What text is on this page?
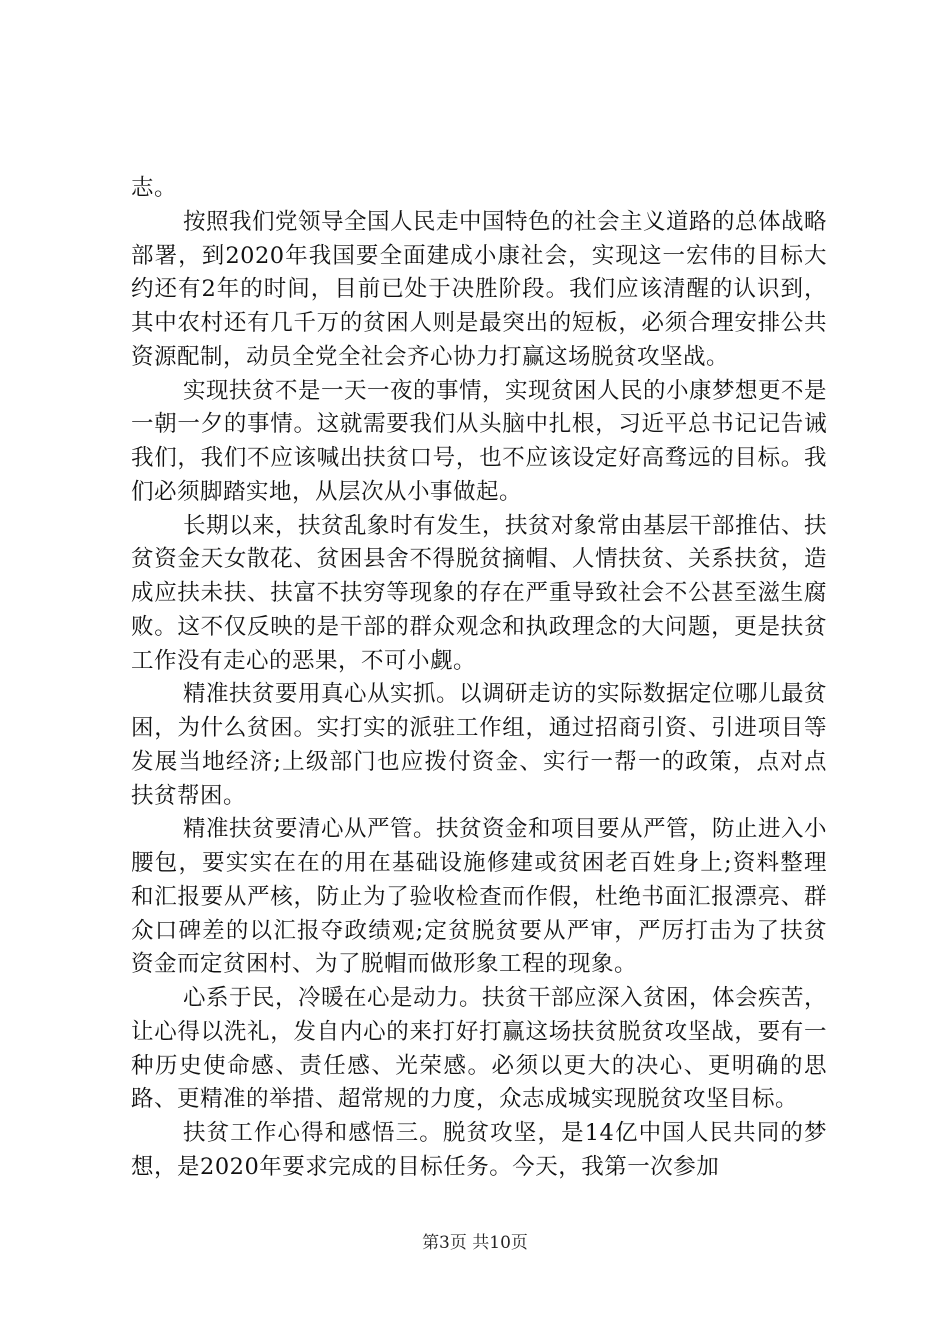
志。

按照我们党领导全国人民走中国特色的社会主义道路的总体战略部署，到2020年我国要全面建成小康社会，实现这一宏伟的目标大约还有2年的时间，目前已处于决胜阶段。我们应该清醒的认识到，其中农村还有几千万的贫困人则是最突出的短板，必须合理安排公共资源配制，动员全党全社会齐心协力打赢这场脱贫攻坚战。

实现扶贫不是一天一夜的事情，实现贫困人民的小康梦想更不是一朝一夕的事情。这就需要我们从头脑中扎根，习近平总书记记告诫我们，我们不应该喊出扶贫口号，也不应该设定好高骛远的目标。我们必须脚踏实地，从层次从小事做起。

长期以来，扶贫乱象时有发生，扶贫对象常由基层干部推估、扶贫资金天女散花、贫困县舍不得脱贫摘帽、人情扶贫、关系扶贫，造成应扶未扶、扶富不扶穷等现象的存在严重导致社会不公甚至滋生腐败。这不仅反映的是干部的群众观念和执政理念的大问题，更是扶贫工作没有走心的恶果，不可小觑。

精准扶贫要用真心从实抓。以调研走访的实际数据定位哪儿最贫困，为什么贫困。实打实的派驻工作组，通过招商引资、引进项目等发展当地经济;上级部门也应拨付资金、实行一帮一的政策，点对点扶贫帮困。

精准扶贫要清心从严管。扶贫资金和项目要从严管，防止进入小腰包，要实实在在的用在基础设施修建或贫困老百姓身上;资料整理和汇报要从严核，防止为了验收检查而作假，杜绝书面汇报漂亮、群众口碑差的以汇报夺政绩观;定贫脱贫要从严审，严厉打击为了扶贫资金而定贫困村、为了脱帽而做形象工程的现象。

心系于民，冷暖在心是动力。扶贫干部应深入贫困，体会疾苦，让心得以洗礼，发自内心的来打好打赢这场扶贫脱贫攻坚战，要有一种历史使命感、责任感、光荣感。必须以更大的决心、更明确的思路、更精准的举措、超常规的力度，众志成城实现脱贫攻坚目标。

扶贫工作心得和感悟三。脱贫攻坚，是14亿中国人民共同的梦想，是2020年要求完成的目标任务。今天，我第一次参加

第3页 共10页
